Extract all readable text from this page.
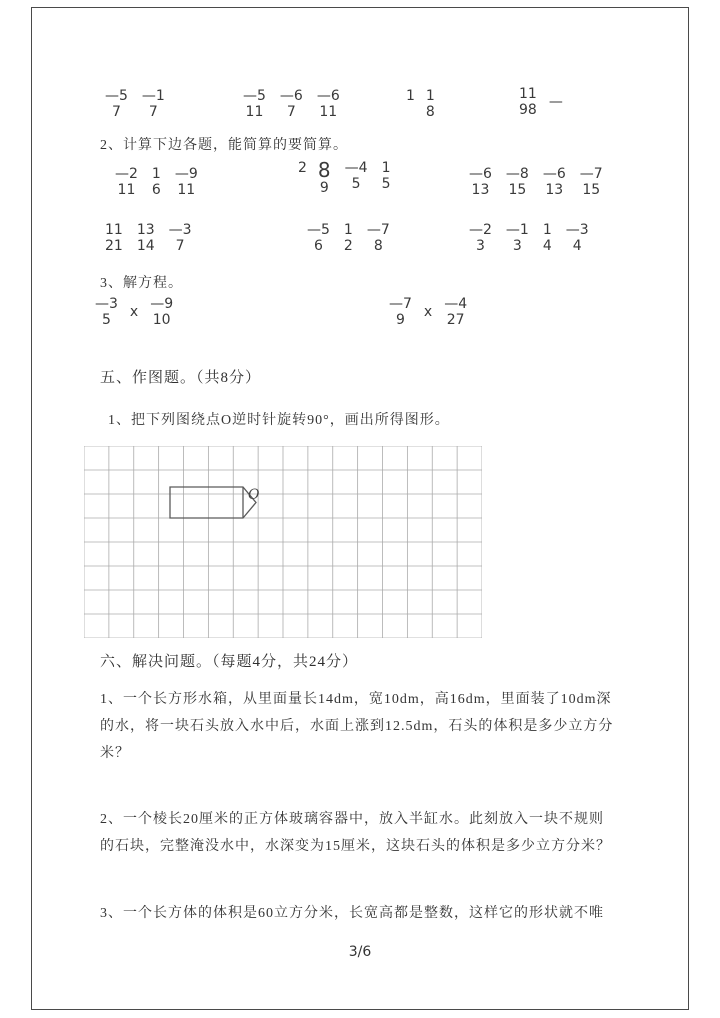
—5
7
—1
7
—5
11
—6
7
—6
11
1 1
8
11
98 —
2、计算下边各题，能简算的要简算。
—2
11
1
6
—9
11
2 8
9
—4
5
1
5
—6
13
—8
15
—6
13
—7
15
11
21
13
14
—3
7
—5
6
1
2
—7
8
—2
3
—1
3
1
4
—3
4
3、解方程。
—3
5 x —9
10
—7
9 x —4
27
五、作图题。（共8分）
1、把下列图绕点O逆时针旋转90°，画出所得图形。
O
六、解决问题。（每题4分，共24分）
1、一个长方形水箱，从里面量长14dm，宽10dm，高16dm，里面装了10dm深
的水，将一块石头放入水中后，水面上涨到12.5dm，石头的体积是多少立方分
米？
2、一个棱长20厘米的正方体玻璃容器中，放入半缸水。此刻放入一块不规则
的石块，完整淹没水中，水深变为15厘米，这块石头的体积是多少立方分米？
3、一个长方体的体积是60立方分米，长宽高都是整数，这样它的形状就不唯
3/6
